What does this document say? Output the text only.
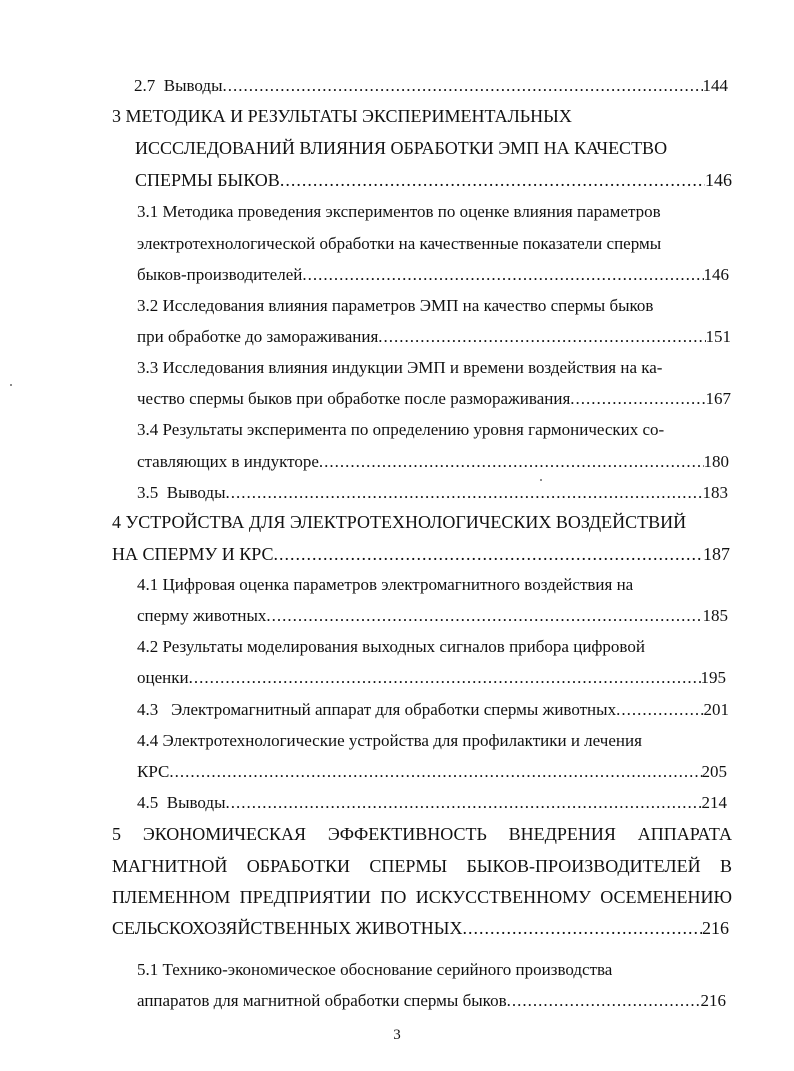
2.7  Выводы .....	144
3 МЕТОДИКА И РЕЗУЛЬТАТЫ ЭКСПЕРИМЕНТАЛЬНЫХ
ИСССЛЕДОВАНИЙ ВЛИЯНИЯ ОБРАБОТКИ ЭМП НА КАЧЕСТВО
СПЕРМЫ БЫКОВ .....	146
3.1 Методика проведения экспериментов по оценке влияния параметров
электротехнологической обработки на качественные показатели спермы
быков-производителей .....	146
3.2 Исследования влияния параметров ЭМП на качество спермы быков
при обработке до замораживания .....	151
3.3 Исследования влияния индукции ЭМП и времени воздействия на ка-
чество спермы быков при обработке после размораживания .....	167
3.4 Результаты эксперимента по определению уровня гармонических со-
ставляющих в индукторе .....	180
3.5  Выводы .....	183
4 УСТРОЙСТВА ДЛЯ ЭЛЕКТРОТЕХНОЛОГИЧЕСКИХ ВОЗДЕЙСТВИЙ
НА СПЕРМУ И КРС .....	187
4.1 Цифровая оценка параметров электромагнитного воздействия на
сперму животных .....	185
4.2 Результаты моделирования выходных сигналов прибора цифровой
оценки .....	195
4.3   Электромагнитный аппарат для обработки спермы животных .....	201
4.4 Электротехнологические устройства для профилактики и лечения
КРС .....	205
4.5  Выводы .....	214
5 ЭКОНОМИЧЕСКАЯ ЭФФЕКТИВНОСТЬ ВНЕДРЕНИЯ АППАРАТА
МАГНИТНОЙ ОБРАБОТКИ СПЕРМЫ БЫКОВ-ПРОИЗВОДИТЕЛЕЙ В
ПЛЕМЕННОМ ПРЕДПРИЯТИИ ПО ИСКУССТВЕННОМУ ОСЕМЕНЕНИЮ
СЕЛЬСКОХОЗЯЙСТВЕННЫХ ЖИВОТНЫХ .....	216
5.1 Технико-экономическое обоснование серийного производства
аппаратов для магнитной обработки спермы быков .....	216
3
